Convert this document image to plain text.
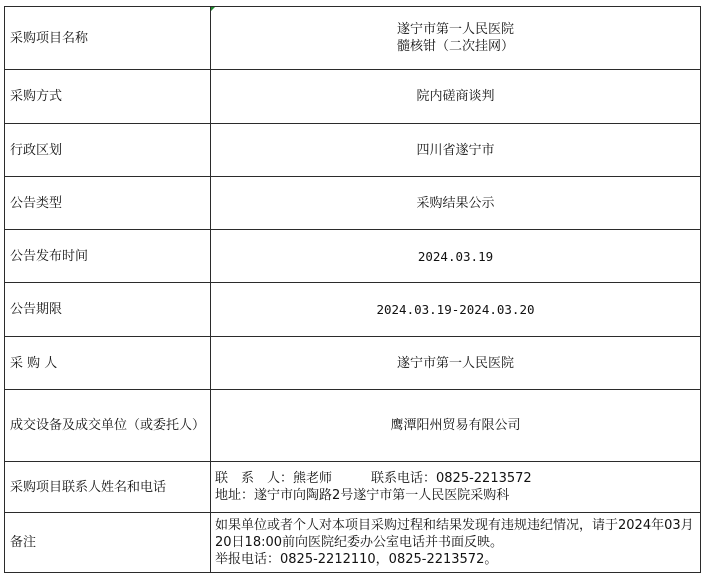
采购项目名称	遂宁市第一人民医院
髓核钳（二次挂网）

采购方式	院内磋商谈判
行政区划	四川省遂宁市
公告类型	采购结果公示
公告发布时间	2024.03.19
公告期限	2024.03.19-2024.03.20
采 购 人	遂宁市第一人民医院
成交设备及成交单位（或委托人）	鹰潭阳州贸易有限公司
采购项目联系人姓名和电话	联　系　人：熊老师　　　联系电话：0825-2213572
地址：遂宁市向陶路2号遂宁市第一人民医院采购科

备注	如果单位或者个人对本项目采购过程和结果发现有违规违纪情况，请于2024年03月20日18:00前向医院纪委办公室电话并书面反映。
举报电话：0825-2212110，0825-2213572。
